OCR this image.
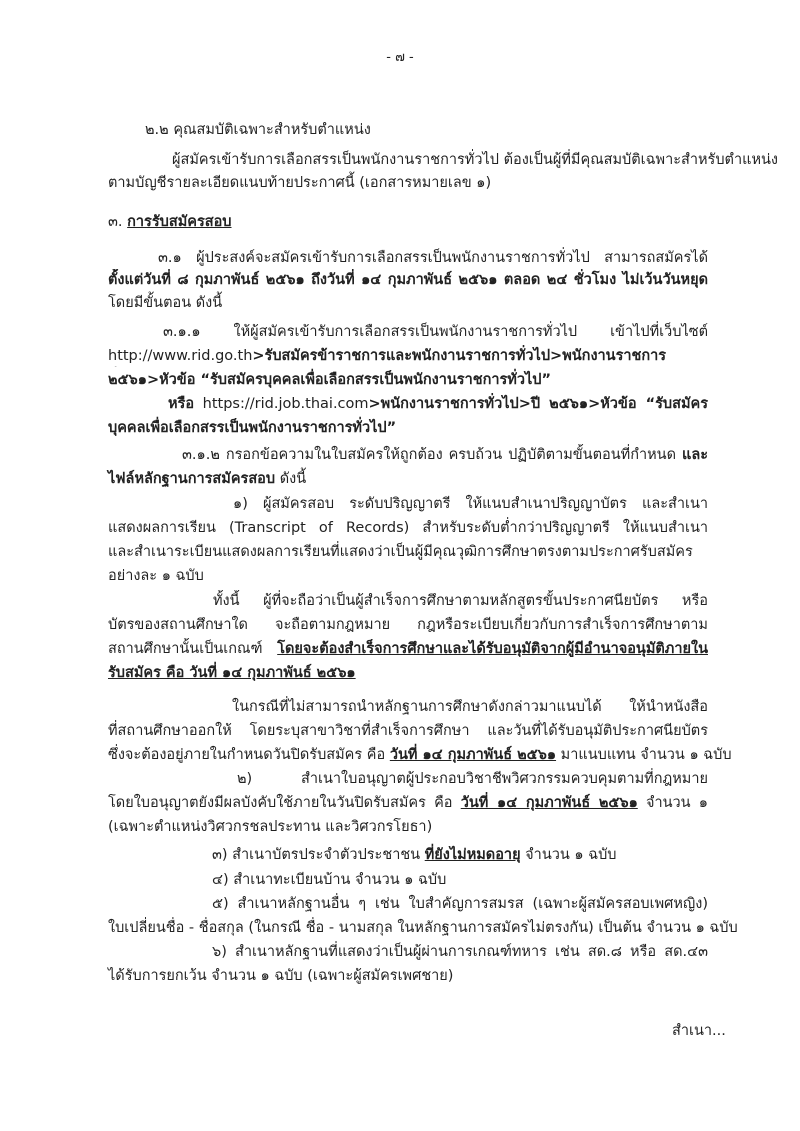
- ๗ -
๒.๒ คุณสมบัติเฉพาะสำหรับตำแหน่ง
ผู้สมัครเข้ารับการเลือกสรรเป็นพนักงานราชการทั่วไป ต้องเป็นผู้ที่มีคุณสมบัติเฉพาะสำหรับตำแหน่ง
ตามบัญชีรายละเอียดแนบท้ายประกาศนี้ (เอกสารหมายเลข ๑)
๓. การรับสมัครสอบ
๓.๑ ผู้ประสงค์จะสมัครเข้ารับการเลือกสรรเป็นพนักงานราชการทั่วไป สามารถสมัครได้
ตั้งแต่วันที่ ๘ กุมภาพันธ์ ๒๕๖๑ ถึงวันที่ ๑๔ กุมภาพันธ์ ๒๕๖๑ ตลอด ๒๔ ชั่วโมง ไม่เว้นวันหยุด
โดยมีขั้นตอน ดังนี้
๓.๑.๑ ให้ผู้สมัครเข้ารับการเลือกสรรเป็นพนักงานราชการทั่วไป เข้าไปที่เว็บไซต์
http://www.rid.go.th>รับสมัครข้าราชการและพนักงานราชการทั่วไป>พนักงานราชการ
๒๕๖๑>หัวข้อ “รับสมัครบุคคลเพื่อเลือกสรรเป็นพนักงานราชการทั่วไป”
หรือ https://rid.job.thai.com>พนักงานราชการทั่วไป>ปี ๒๕๖๑>หัวข้อ “รับสมัคร
บุคคลเพื่อเลือกสรรเป็นพนักงานราชการทั่วไป”
๓.๑.๒ กรอกข้อความในใบสมัครให้ถูกต้อง ครบถ้วน ปฏิบัติตามขั้นตอนที่กำหนด และ
ไฟล์หลักฐานการสมัครสอบ ดังนี้
๑) ผู้สมัครสอบ ระดับปริญญาตรี ให้แนบสำเนาปริญญาบัตร และสำเนา
แสดงผลการเรียน (Transcript of Records) สำหรับระดับต่ำกว่าปริญญาตรี ให้แนบสำเนา
และสำเนาระเบียนแสดงผลการเรียนที่แสดงว่าเป็นผู้มีคุณวุฒิการศึกษาตรงตามประกาศรับสมัคร
อย่างละ ๑ ฉบับ
ทั้งนี้ ผู้ที่จะถือว่าเป็นผู้สำเร็จการศึกษาตามหลักสูตรขั้นประกาศนียบัตร หรือ
บัตรของสถานศึกษาใด จะถือตามกฎหมาย กฎหรือระเบียบเกี่ยวกับการสำเร็จการศึกษาตาม
สถานศึกษานั้นเป็นเกณฑ์ โดยจะต้องสำเร็จการศึกษาและได้รับอนุมัติจากผู้มีอำนาจอนุมัติภายใน
รับสมัคร คือ วันที่ ๑๔ กุมภาพันธ์ ๒๕๖๑
ในกรณีที่ไม่สามารถนำหลักฐานการศึกษาดังกล่าวมาแนบได้ ให้นำหนังสือ
ที่สถานศึกษาออกให้ โดยระบุสาขาวิชาที่สำเร็จการศึกษา และวันที่ได้รับอนุมัติประกาศนียบัตร
ซึ่งจะต้องอยู่ภายในกำหนดวันปิดรับสมัคร คือ วันที่ ๑๔ กุมภาพันธ์ ๒๕๖๑ มาแนบแทน จำนวน ๑ ฉบับ
๒) สำเนาใบอนุญาตผู้ประกอบวิชาชีพวิศวกรรมควบคุมตามที่กฎหมาย
โดยใบอนุญาตยังมีผลบังคับใช้ภายในวันปิดรับสมัคร คือ วันที่ ๑๔ กุมภาพันธ์ ๒๕๖๑ จำนวน ๑
(เฉพาะตำแหน่งวิศวกรชลประทาน และวิศวกรโยธา)
๓) สำเนาบัตรประจำตัวประชาชน ที่ยังไม่หมดอายุ จำนวน ๑ ฉบับ
๔) สำเนาทะเบียนบ้าน จำนวน ๑ ฉบับ
๕) สำเนาหลักฐานอื่น ๆ เช่น ใบสำคัญการสมรส (เฉพาะผู้สมัครสอบเพศหญิง)
ใบเปลี่ยนชื่อ - ชื่อสกุล (ในกรณี ชื่อ - นามสกุล ในหลักฐานการสมัครไม่ตรงกัน) เป็นต้น จำนวน ๑ ฉบับ
๖) สำเนาหลักฐานที่แสดงว่าเป็นผู้ผ่านการเกณฑ์ทหาร เช่น สด.๘ หรือ สด.๔๓
ได้รับการยกเว้น จำนวน ๑ ฉบับ (เฉพาะผู้สมัครเพศชาย)
สำเนา...
